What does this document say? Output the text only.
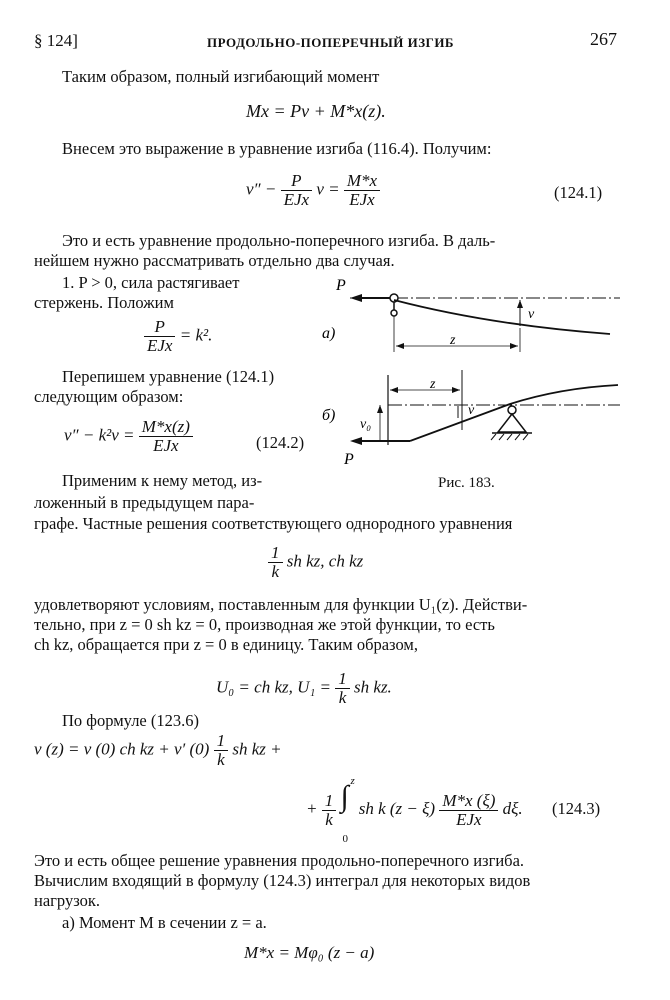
§ 124]	ПРОДОЛЬНО-ПОПЕРЕЧНЫЙ ИЗГИБ	267
Таким образом, полный изгибающий момент
Mx = Pv + M*x(z).
Внесем это выражение в уравнение изгиба (116.4). Получим:
$v'' - \frac{P}{\text{EJx}}$ $v = \frac{M*x}{\text{EJx}}$	(124.1)
Это и есть уравнение продольно-поперечного изгиба. В даль-
нейшем нужно рассматривать отдельно два случая.
1. P > 0, сила растягивает
стержень. Положим
$\frac{P}{\text{EJx}} = k^2$.
Перепишем уравнение (124.1)
следующим образом:
$v'' - k^2v = \frac{M*x(z)}{\text{EJx}}$	(124.2)
Применим к нему метод, из-
ложенный в предыдущем пара-
графе. Частные решения соответствующего однородного уравнения
P
v
z
а)
б)
P
v₀
z
v
Рис. 183.
$\frac{1}{k}$ sh kz, ch kz
удовлетворяют условиям, поставленным для функции U₁(z). Действи-
тельно, при z = 0 sh kz = 0, производная же этой функции, то есть
ch kz, обращается при z = 0 в единицу. Таким образом,
U₀ = ch kz, $U_1 = \frac{1}{k}$ sh kz.
По формуле (123.6)
v (z) = v (0) ch kz + v′ $(0) \frac{1}{k}$ sh kz +
+ $\frac{1}{k}$
∫ z
0
sh k $(z - \xi) \frac{M*x (\xi)}{\text{EJx}} d\xi$. (124.3)
Это и есть общее решение уравнения продольно-поперечного изгиба.
Вычислим входящий в формулу (124.3) интеграл для некоторых видов
нагрузок.
а) Момент M в сечении z = a.
M*x = Mφ₀ (z − a)
